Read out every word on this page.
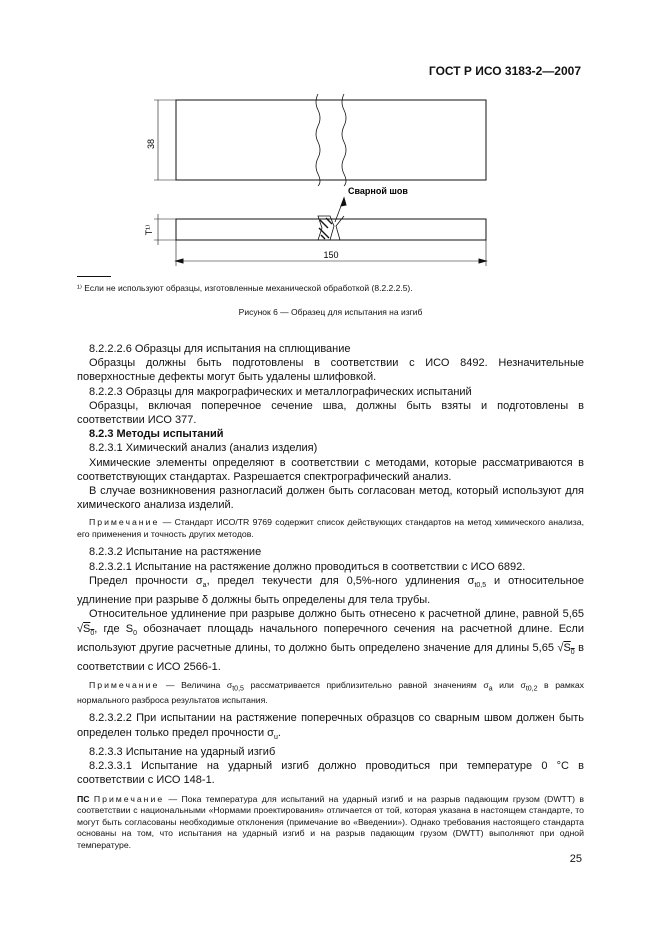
ГОСТ Р ИСО 3183-2—2007
38
T¹⁾
150
Сварной шов
¹⁾ Если не используют образцы, изготовленные механической обработкой (8.2.2.2.5).
Рисунок 6 — Образец для испытания на изгиб

8.2.2.2.6 Образцы для испытания на сплющивание

Образцы должны быть подготовлены в соответствии с ИСО 8492. Незначительные поверхностные дефекты могут быть удалены шлифовкой.

8.2.2.3 Образцы для макрографических и металлографических испытаний

Образцы, включая поперечное сечение шва, должны быть взяты и подготовлены в соответствии ИСО 377.

8.2.3 Методы испытаний

8.2.3.1 Химический анализ (анализ изделия)

Химические элементы определяют в соответствии с методами, которые рассматриваются в соответствующих стандартах. Разрешается спектрографический анализ.

В случае возникновения разногласий должен быть согласован метод, который используют для химического анализа изделий.

Примечание — Стандарт ИСО/TR 9769 содержит список действующих стандартов на метод химического анализа, его применения и точность других методов.

8.2.3.2 Испытание на растяжение

8.2.3.2.1 Испытание на растяжение должно проводиться в соответствии с ИСО 6892.

Предел прочности $\sigma_a$, предел текучести для 0,5%-ного удлинения $\sigma_{t0,5}$ и относительное удлинение при разрыве δ должны быть определены для тела трубы.

Относительное удлинение при разрыве должно быть отнесено к расчетной длине, равной 5,65 $√S_0$, где $S_0$ обозначает площадь начального поперечного сечения на расчетной длине. Если используют другие расчетные длины, то должно быть определено значение для длины 5,65 $√S_0$ в соответствии с ИСО 2566-1.

Примечание — Величина $\sigma_{t0,5}$ рассматривается приблизительно равной значениям $\sigma_a$ или $\sigma_{t0,2}$ в рамках нормального разброса результатов испытания.

8.2.3.2.2 При испытании на растяжение поперечных образцов со сварным швом должен быть определен только предел прочности $\sigma_u$.

8.2.3.3 Испытание на ударный изгиб

8.2.3.3.1 Испытание на ударный изгиб должно проводиться при температуре 0 °С в соответствии с ИСО 148-1.

ПС Примечание — Пока температура для испытаний на ударный изгиб и на разрыв падающим грузом (DWTT) в соответствии с национальными «Нормами проектирования» отличается от той, которая указана в настоящем стандарте, то могут быть согласованы необходимые отклонения (примечание во «Введении»). Однако требования настоящего стандарта основаны на том, что испытания на ударный изгиб и на разрыв падающим грузом (DWTT) выполняют при одной температуре.

25
